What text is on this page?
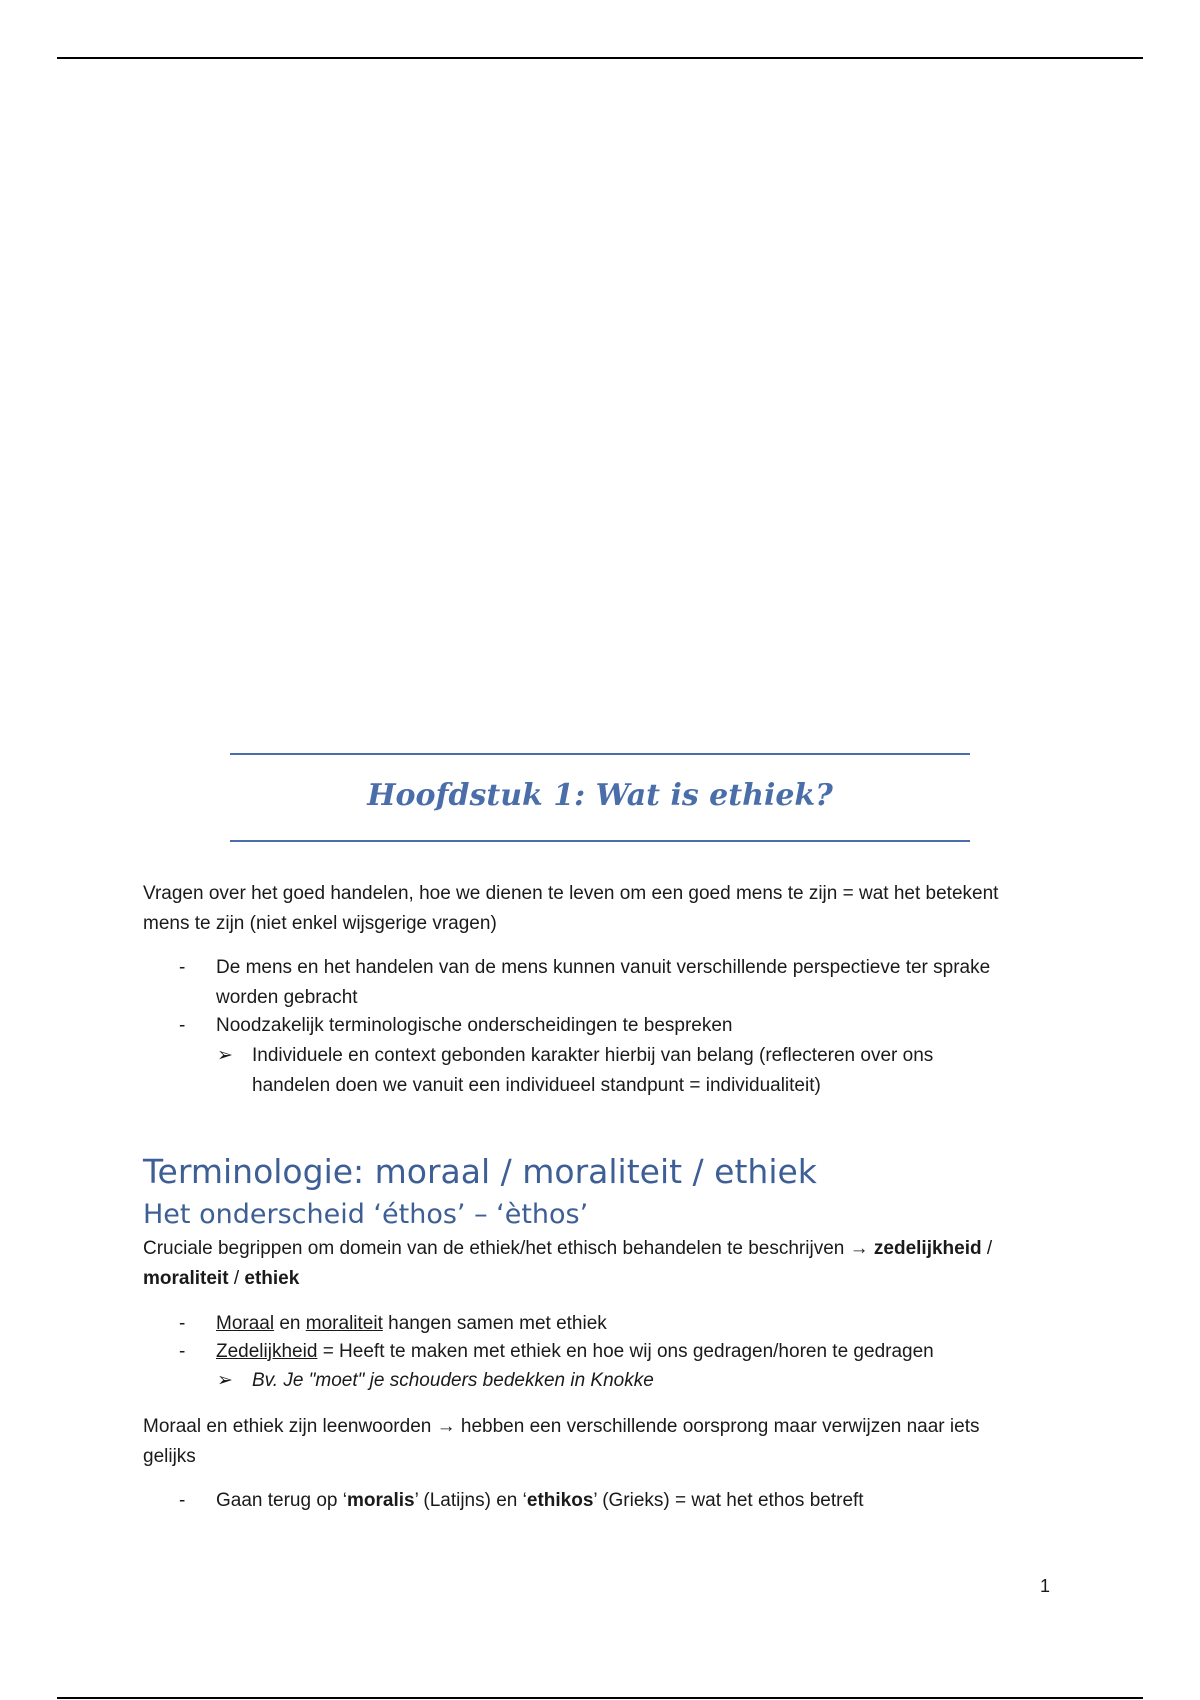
Hoofdstuk 1: Wat is ethiek?

Vragen over het goed handelen, hoe we dienen te leven om een goed mens te zijn = wat het betekent

mens te zijn (niet enkel wijsgerige vragen)

- De mens en het handelen van de mens kunnen vanuit verschillende perspectieve ter sprake

worden gebracht

- Noodzakelijk terminologische onderscheidingen te bespreken

➢ Individuele en context gebonden karakter hierbij van belang (reflecteren over ons

handelen doen we vanuit een individueel standpunt = individualiteit)

Terminologie: moraal / moraliteit / ethiek
Het onderscheid ‘éthos’ – ‘èthos’

Cruciale begrippen om domein van de ethiek/het ethisch behandelen te beschrijven → zedelijkheid /

moraliteit / ethiek

- Moraal en moraliteit hangen samen met ethiek

- Zedelijkheid = Heeft te maken met ethiek en hoe wij ons gedragen/horen te gedragen

➢ Bv. Je "moet" je schouders bedekken in Knokke

Moraal en ethiek zijn leenwoorden → hebben een verschillende oorsprong maar verwijzen naar iets

gelijks

- Gaan terug op ‘moralis’ (Latijns) en ‘ethikos’ (Grieks) = wat het ethos betreft

1
